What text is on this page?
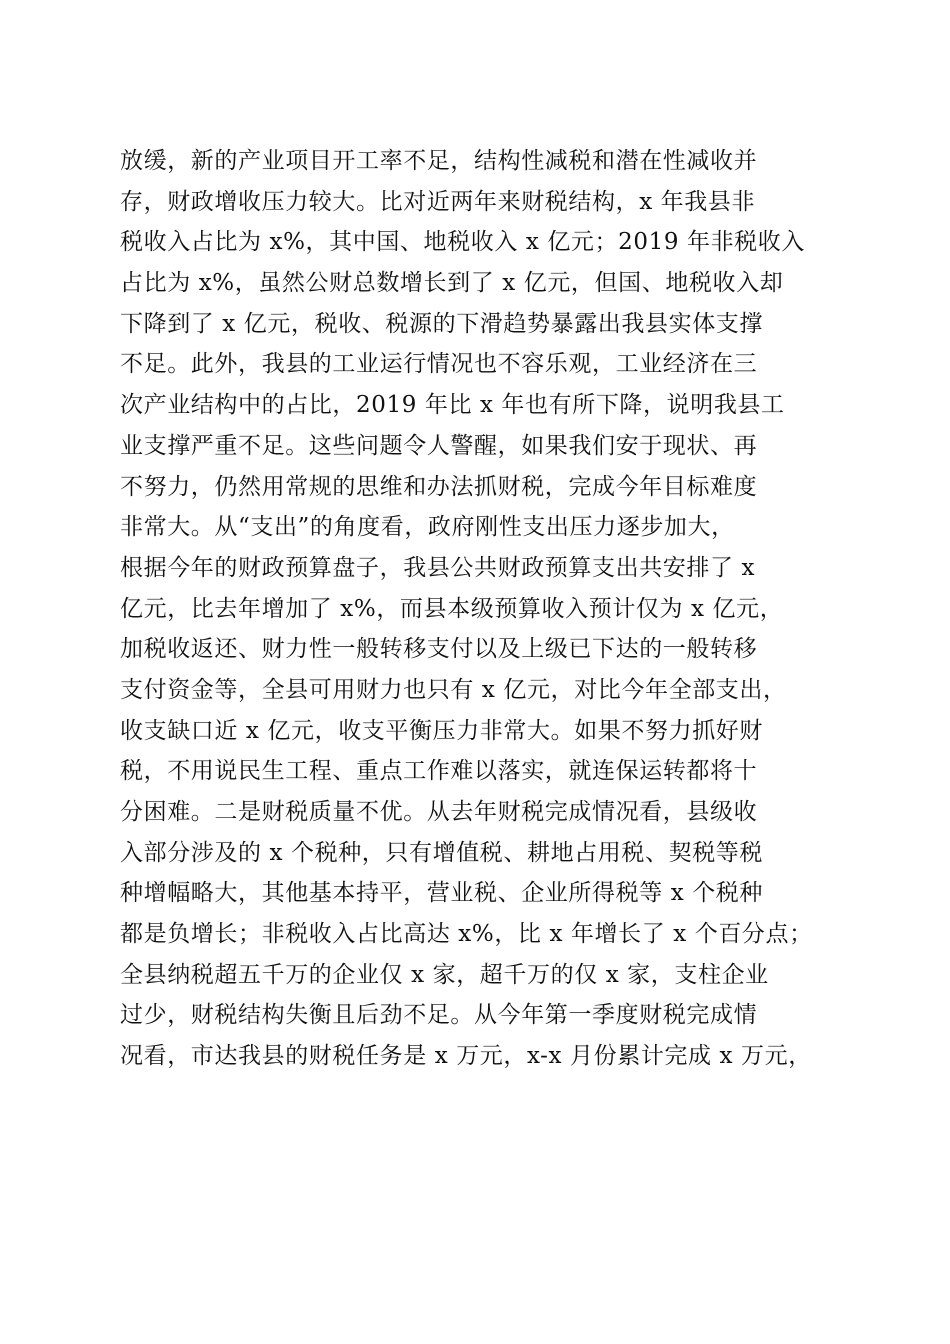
放缓，新的产业项目开工率不足，结构性减税和潜在性减收并
存，财政增收压力较大。比对近两年来财税结构，x 年我县非
税收入占比为 x%，其中国、地税收入 x 亿元；2019 年非税收入
占比为 x%，虽然公财总数增长到了 x 亿元，但国、地税收入却
下降到了 x 亿元，税收、税源的下滑趋势暴露出我县实体支撑
不足。此外，我县的工业运行情况也不容乐观，工业经济在三
次产业结构中的占比，2019 年比 x 年也有所下降，说明我县工
业支撑严重不足。这些问题令人警醒，如果我们安于现状、再
不努力，仍然用常规的思维和办法抓财税，完成今年目标难度
非常大。从“支出”的角度看，政府刚性支出压力逐步加大，
根据今年的财政预算盘子，我县公共财政预算支出共安排了 x
亿元，比去年增加了 x%，而县本级预算收入预计仅为 x 亿元，
加税收返还、财力性一般转移支付以及上级已下达的一般转移
支付资金等，全县可用财力也只有 x 亿元，对比今年全部支出，
收支缺口近 x 亿元，收支平衡压力非常大。如果不努力抓好财
税，不用说民生工程、重点工作难以落实，就连保运转都将十
分困难。二是财税质量不优。从去年财税完成情况看，县级收
入部分涉及的 x 个税种，只有增值税、耕地占用税、契税等税
种增幅略大，其他基本持平，营业税、企业所得税等 x 个税种
都是负增长；非税收入占比高达 x%，比 x 年增长了 x 个百分点；
全县纳税超五千万的企业仅 x 家，超千万的仅 x 家，支柱企业
过少，财税结构失衡且后劲不足。从今年第一季度财税完成情
况看，市达我县的财税任务是 x 万元，x-x 月份累计完成 x 万元，
